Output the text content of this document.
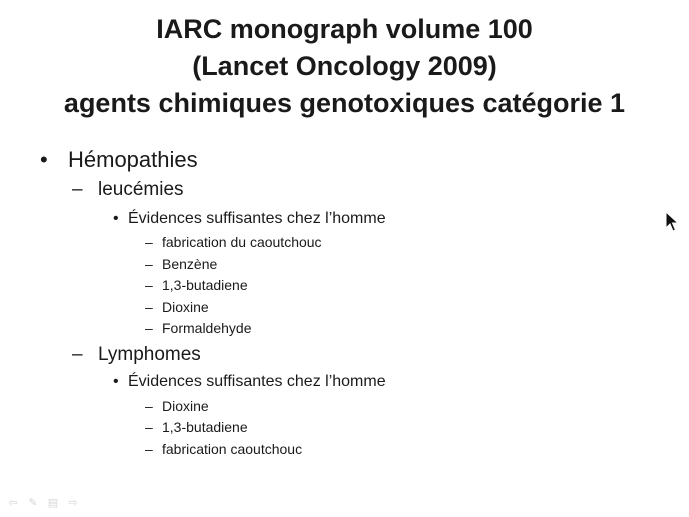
IARC monograph volume 100
(Lancet Oncology 2009)
agents chimiques genotoxiques catégorie 1
• Hémopathies
– leucémies
• Évidences suffisantes chez l’homme
– fabrication du caoutchouc
– Benzène
– 1,3-butadiene
– Dioxine
– Formaldehyde
– Lymphomes
• Évidences suffisantes chez l’homme
– Dioxine
– 1,3-butadiene
– fabrication caoutchouc
⇦ ✎ ▤ ⇨
